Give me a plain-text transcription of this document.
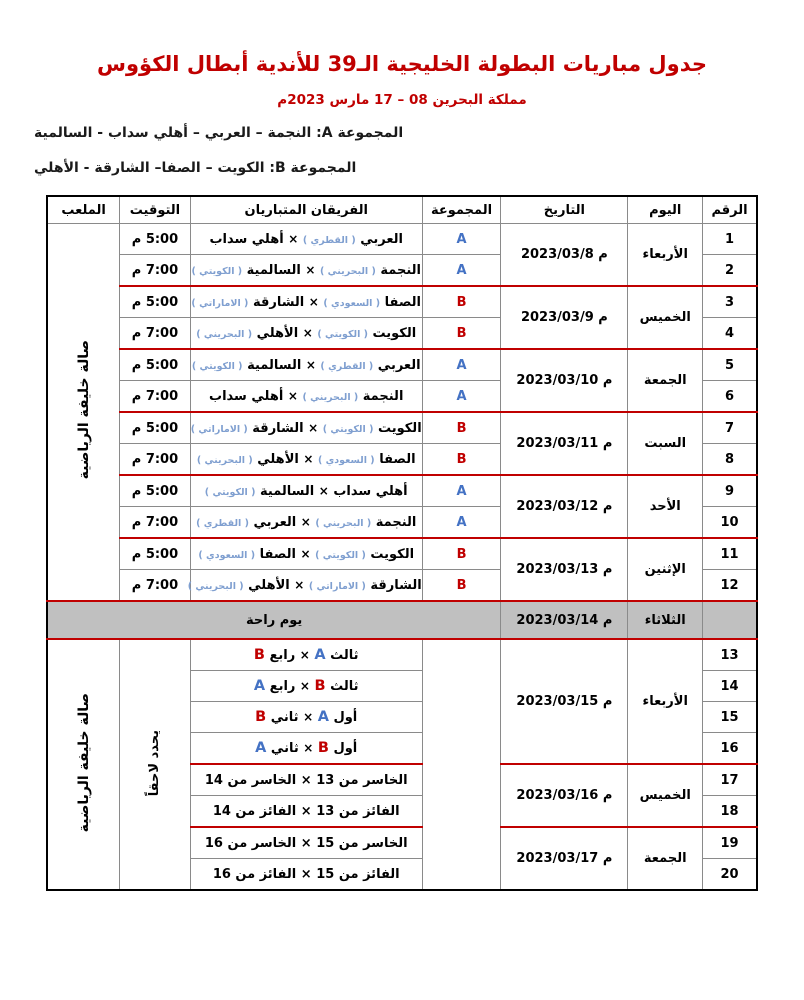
جدول مباريات البطولة الخليجية الـ39 للأندية أبطال الكؤوس
مملكة البحرين 08 – 17 مارس 2023م
المجموعة A: النجمة – العربي – أهلي سداب - السالمية
المجموعة B: الكويت – الصفا– الشارقة - الأهلي
الرقم	اليوم	التاريخ	المجموعة	الفريقان المتباريان	التوقيت	الملعب
1	الأربعاء	2023/03/8 م	A	العربي ( القطري ) × أهلي سداب	5:00 م	صالة خليفة الرياضية
2			A	النجمة ( البحريني ) × السالمية ( الكويتي )	7:00 م	
3	الخميس	2023/03/9 م	B	الصفا ( السعودي ) × الشارقة ( الاماراتي )	5:00 م	
4			B	الكويت ( الكويتي ) × الأهلي ( البحريني )	7:00 م	
5	الجمعة	2023/03/10 م	A	العربي ( القطري ) × السالمية ( الكويتي )	5:00 م	
6			A	النجمة ( البحريني ) × أهلي سداب	7:00 م	
7	السبت	2023/03/11 م	B	الكويت ( الكويتي ) × الشارقة ( الاماراتي )	5:00 م	
8			B	الصفا ( السعودي ) × الأهلي ( البحريني )	7:00 م	
9	الأحد	2023/03/12 م	A	أهلي سداب × السالمية ( الكويتي )	5:00 م	
10			A	النجمة ( البحريني ) × العربي ( القطري )	7:00 م	
11	الإثنين	2023/03/13 م	B	الكويت ( الكويتي ) × الصفا ( السعودي )	5:00 م	
12			B	الشارقة ( الاماراتي ) × الأهلي ( البحريني )	7:00 م	
	الثلاثاء	2023/03/14 م	يوم راحة			
13	الأربعاء	2023/03/15 م		ثالث A × رابع B	يحدد لاحقاً	صالة خليفة الرياضية
14				ثالث B × رابع A		
15				أول A × ثاني B		
16				أول B × ثاني A		
17	الخميس	2023/03/16 م		الخاسر من 13 × الخاسر من 14		
18				الفائز من 13 × الفائز من 14		
19	الجمعة	2023/03/17 م		الخاسر من 15 × الخاسر من 16		
20				الفائز من 15 × الفائز من 16		
